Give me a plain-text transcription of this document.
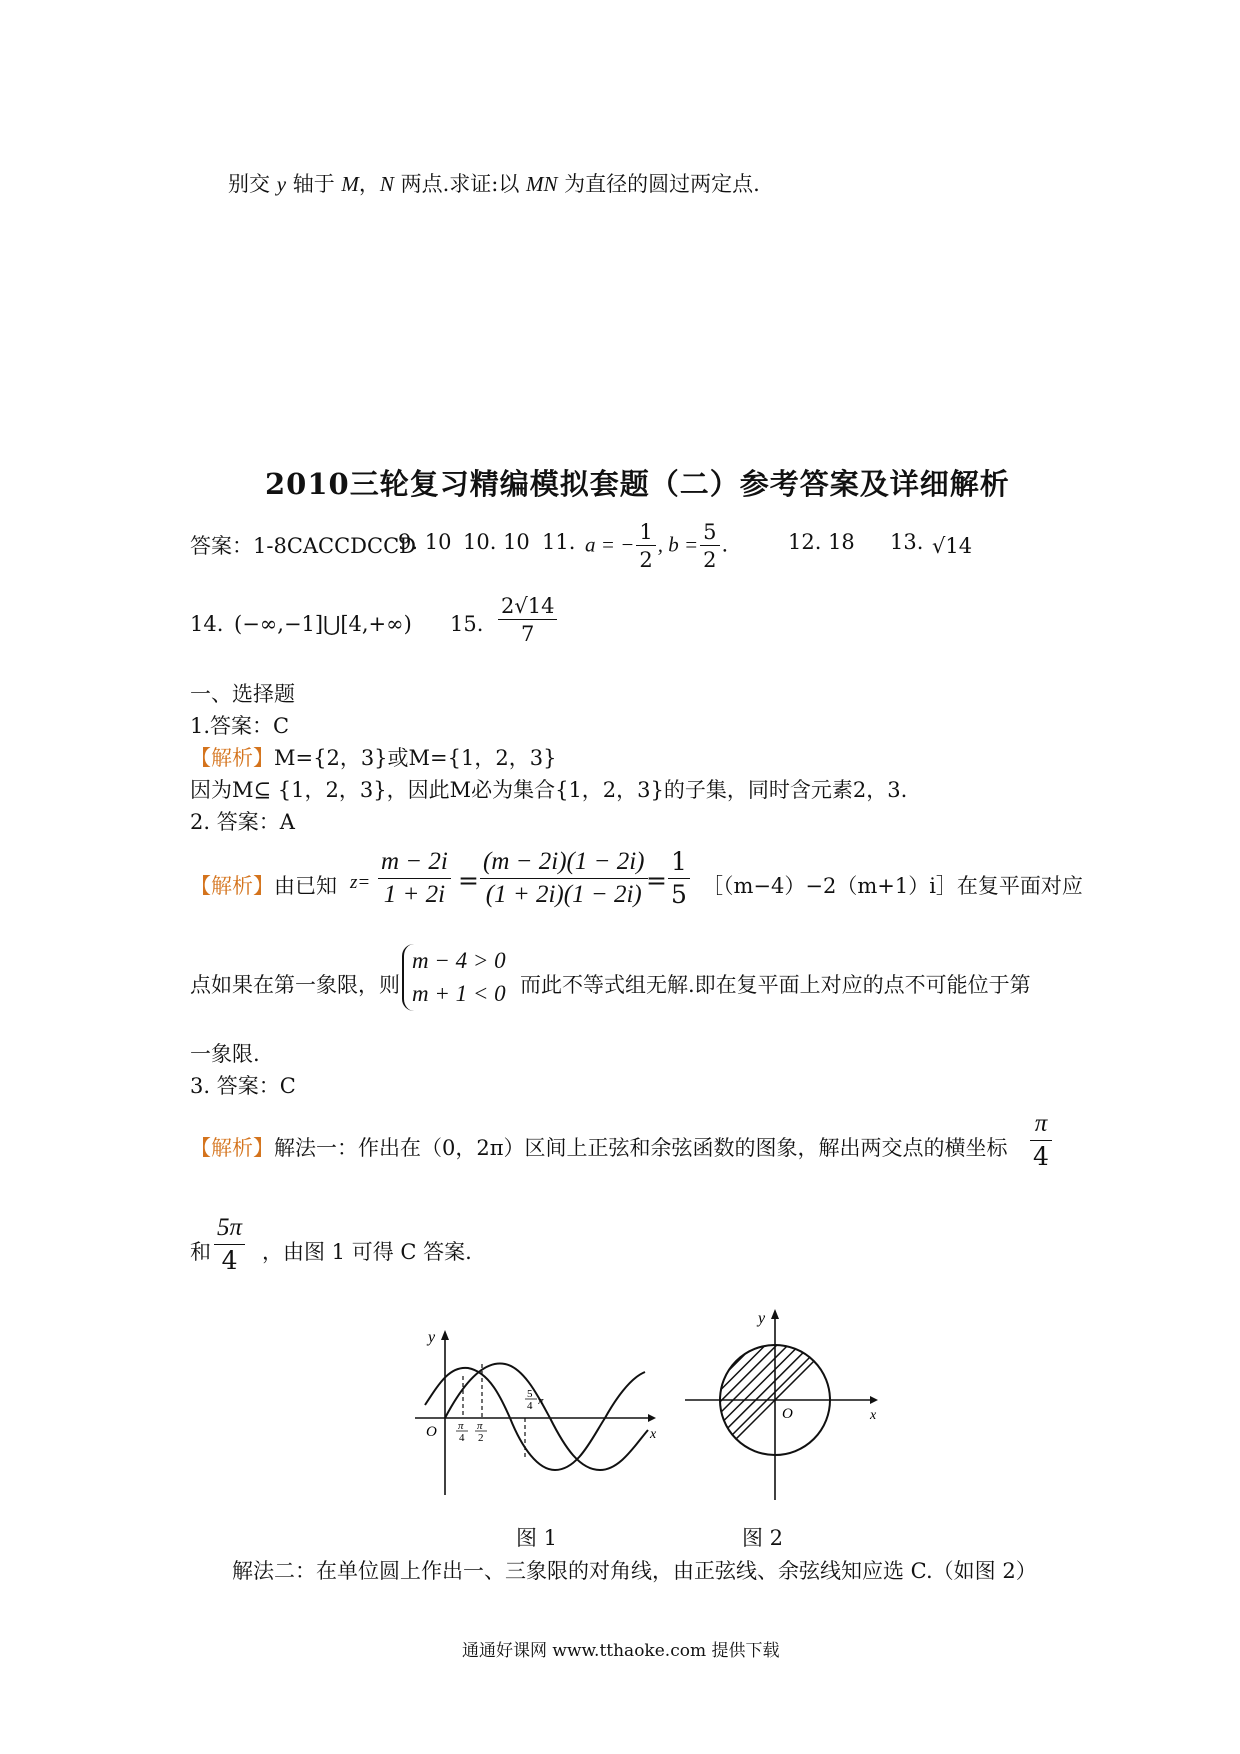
别交 y 轴于 M，N 两点.求证:以 MN 为直径的圆过两定点.
2010三轮复习精编模拟套题（二）参考答案及详细解析
答案：1-8CACCDCCD
9. 10 10. 10 11. a = − $\frac{1}{2}$ , $b = \frac{5}{2}$ .	12. 18 13. √14
14. (−∞,−1]⋃[4,+∞) 15. $\frac{2√14}{7}$
一、选择题
1.答案：C
【解析】M={2，3}或M={1，2，3}
因为M⊆ {1，2，3}，因此M必为集合{1，2，3}的子集，同时含元素2，3.
2. 答案：A
【解析】 由已知 $z= \frac{m - 2i}{1 + 2i} = \frac{(m - 2i)(1 - 2i)}{(1 + 2i)(1 - 2i)}$
= $\frac{1}{5}$ ［（m−4）−2（m+1）i］在复平面对应
点如果在第一象限，则
m − 4 > 0
m + 1 < 0 而此不等式组无解.即在复平面上对应的点不可能位于第
一象限.
3. 答案：C
【解析】 解法一：作出在（0，2π）区间上正弦和余弦函数的图象，解出两交点的横坐标 $\frac{\pi}{4}$
和 $\frac{5\pi}{4}$ ，由图 1 可得 C 答案.
y
x
O π
4
π
2
5
4 π
图 1
y
x
O
图 2
解法二：在单位圆上作出一、三象限的对角线，由正弦线、余弦线知应选 C.（如图 2）
通通好课网 www.tthaoke.com 提供下载
